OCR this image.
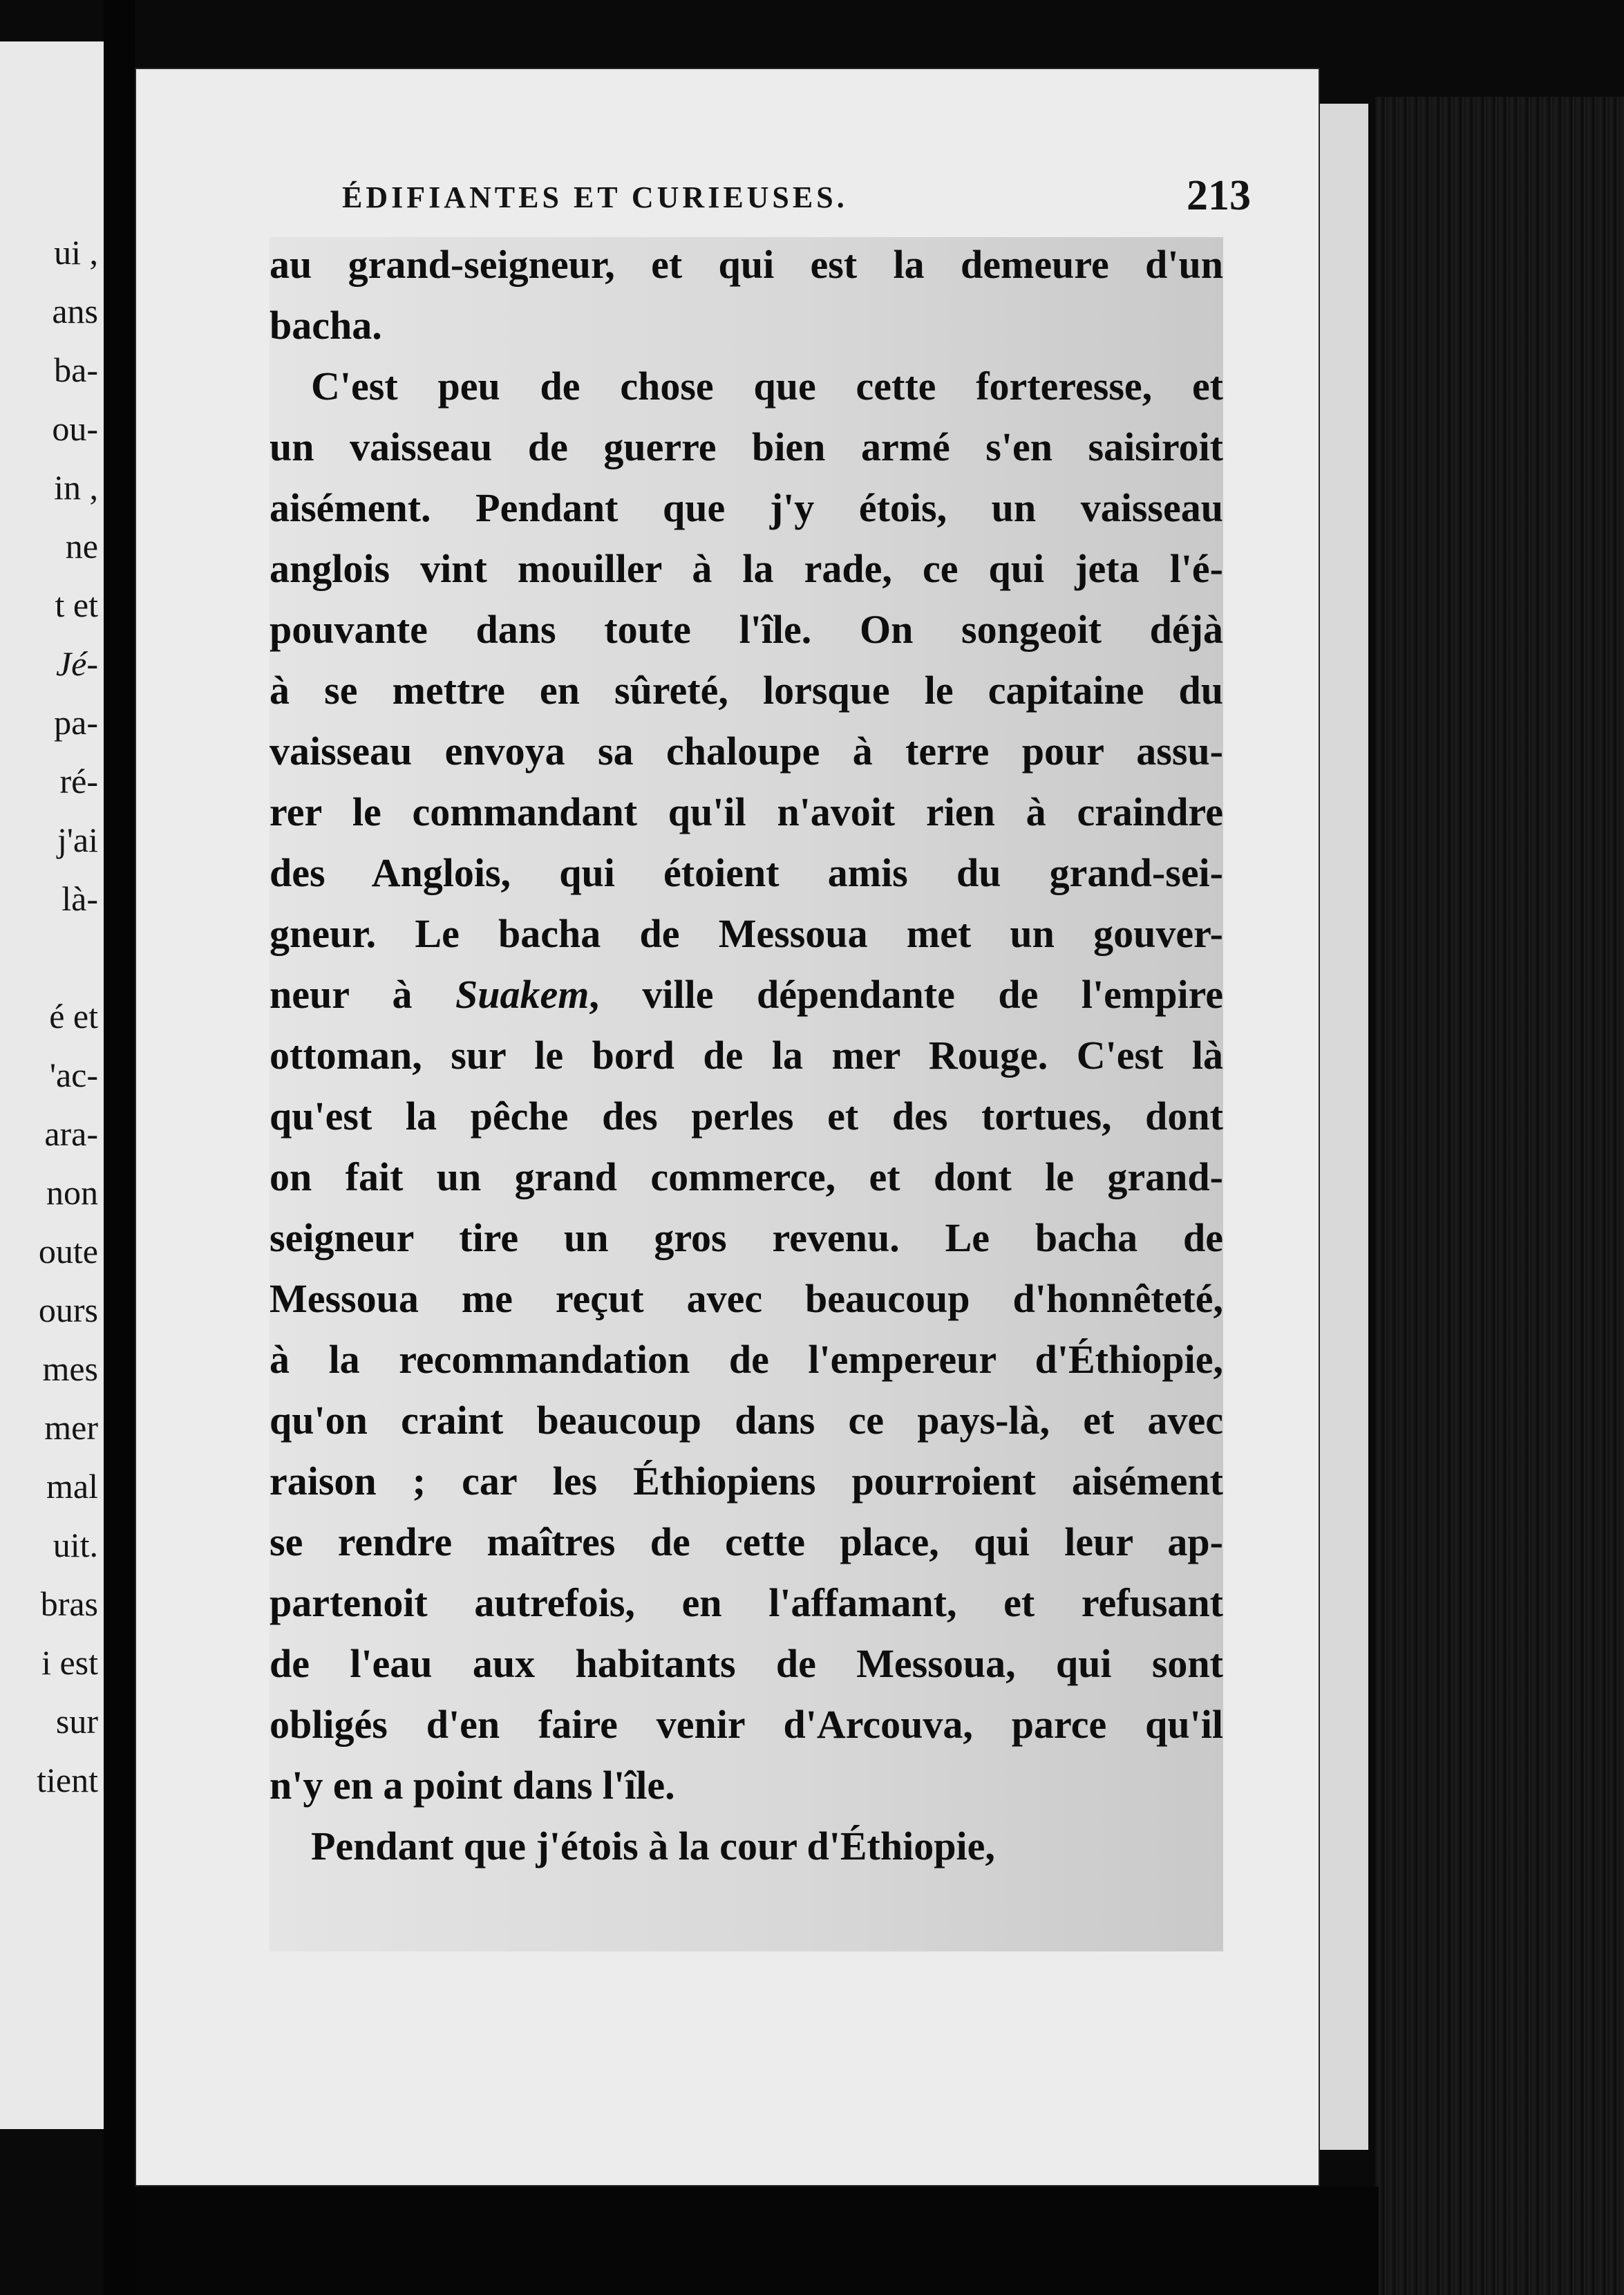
ui ,
ans
ba-
ou-
in ,
ne
t et
Jé-
pa-
ré-
j'ai
là-
é et
'ac-
ara-
non
oute
ours
mes
mer
mal
uit.
bras
i est
sur
tient
ÉDIFIANTES ET CURIEUSES.	213
au grand-seigneur, et qui est la demeure d'un
bacha.
C'est peu de chose que cette forteresse, et
un vaisseau de guerre bien armé s'en saisiroit
aisément. Pendant que j'y étois, un vaisseau
anglois vint mouiller à la rade, ce qui jeta l'é-
pouvante dans toute l'île. On songeoit déjà
à se mettre en sûreté, lorsque le capitaine du
vaisseau envoya sa chaloupe à terre pour assu-
rer le commandant qu'il n'avoit rien à craindre
des Anglois, qui étoient amis du grand-sei-
gneur. Le bacha de Messoua met un gouver-
neur à Suakem, ville dépendante de l'empire
ottoman, sur le bord de la mer Rouge. C'est là
qu'est la pêche des perles et des tortues, dont
on fait un grand commerce, et dont le grand-
seigneur tire un gros revenu. Le bacha de
Messoua me reçut avec beaucoup d'honnêteté,
à la recommandation de l'empereur d'Éthiopie,
qu'on craint beaucoup dans ce pays-là, et avec
raison ; car les Éthiopiens pourroient aisément
se rendre maîtres de cette place, qui leur ap-
partenoit autrefois, en l'affamant, et refusant
de l'eau aux habitants de Messoua, qui sont
obligés d'en faire venir d'Arcouva, parce qu'il
n'y en a point dans l'île.
Pendant que j'étois à la cour d'Éthiopie,
